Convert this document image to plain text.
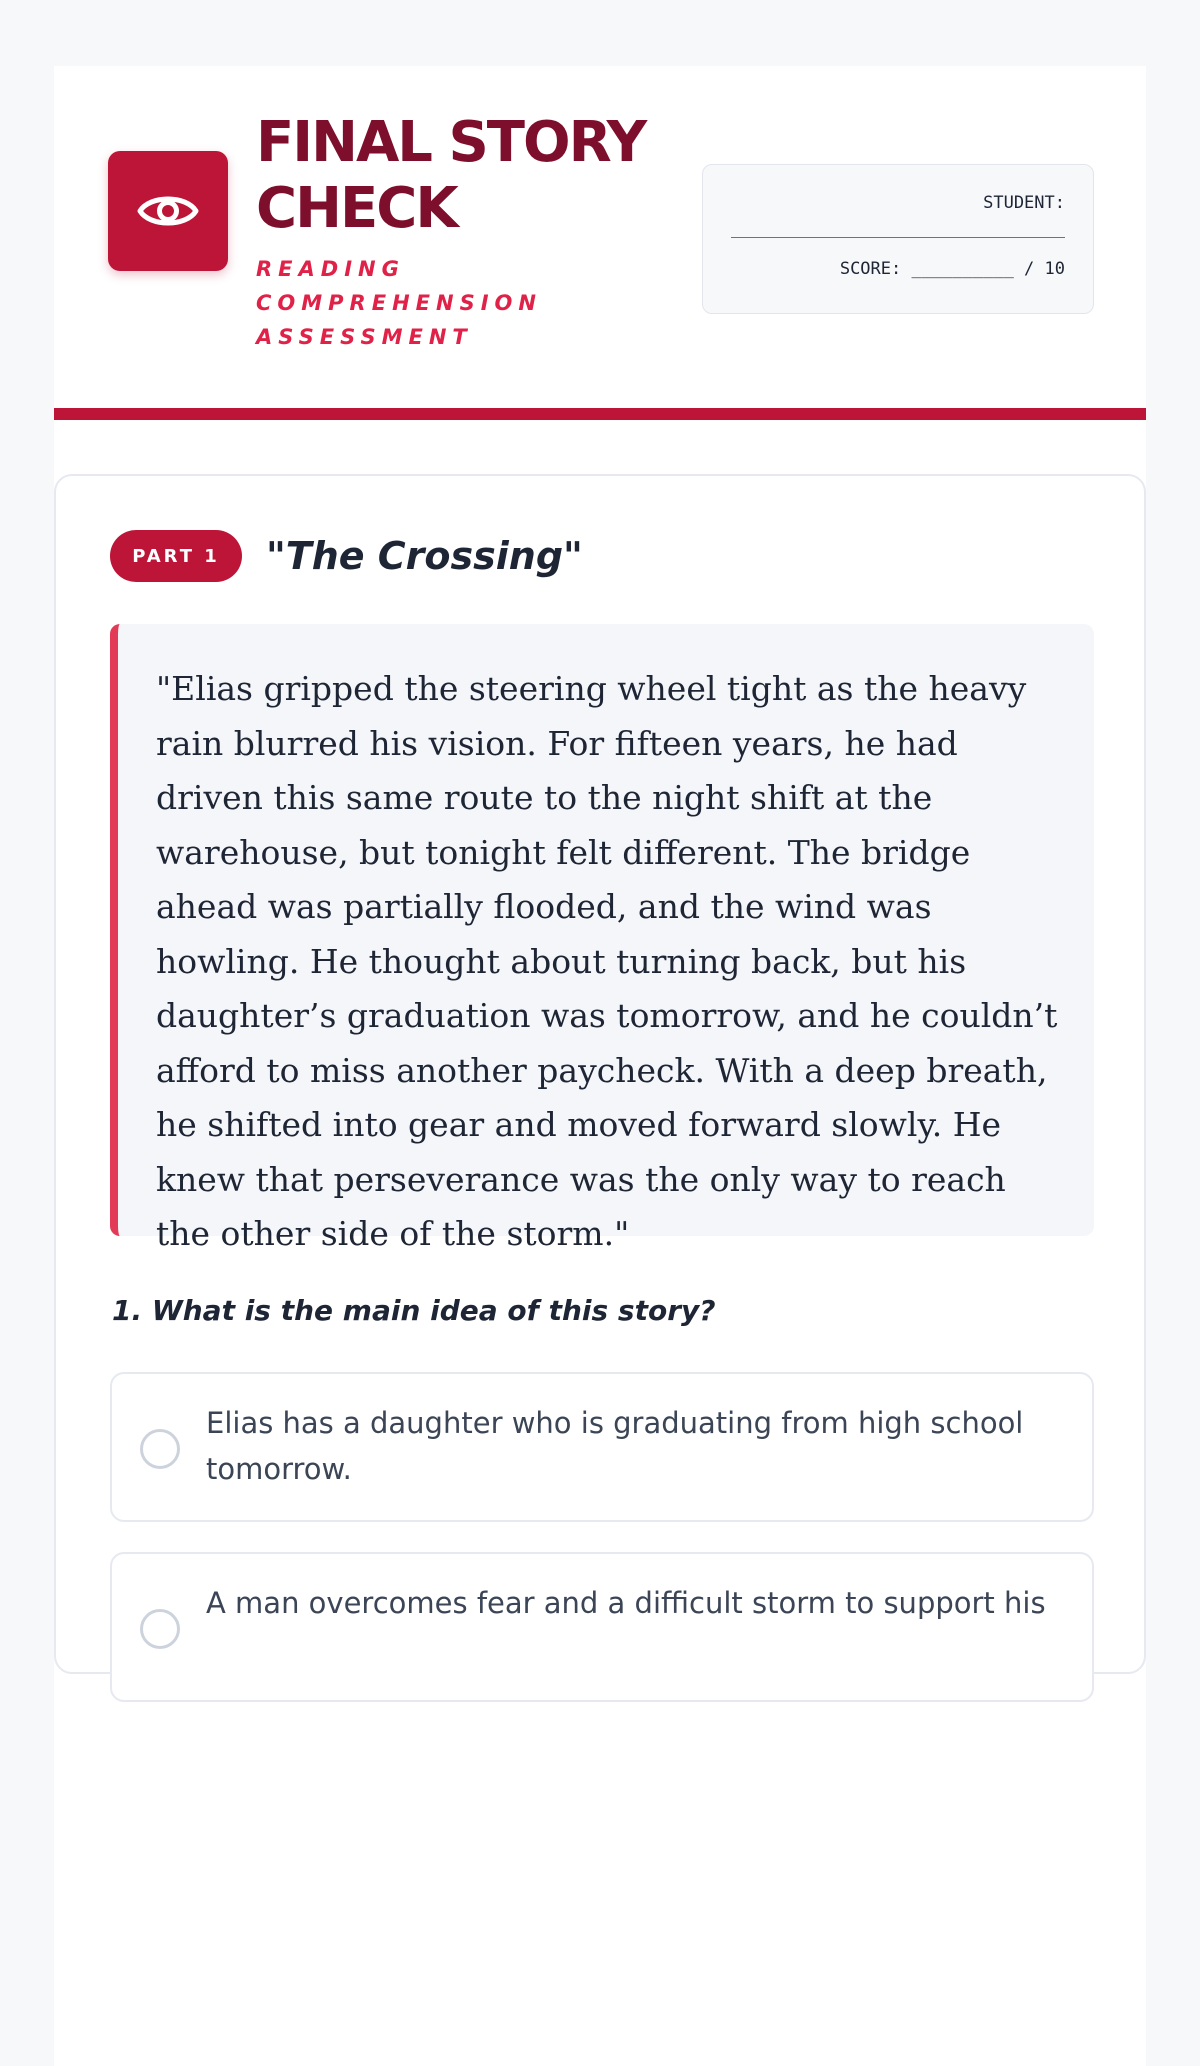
FINAL STORY CHECK
READING COMPREHENSION ASSESSMENT
STUDENT:
SCORE: __________ / 10
PART 1	"The Crossing"
"Elias gripped the steering wheel tight as the heavy rain blurred his vision. For fifteen years, he had driven this same route to the night shift at the warehouse, but tonight felt different. The bridge ahead was partially flooded, and the wind was howling. He thought about turning back, but his daughter’s graduation was tomorrow, and he couldn’t afford to miss another paycheck. With a deep breath, he shifted into gear and moved forward slowly. He knew that perseverance was the only way to reach the other side of the storm."
1. What is the main idea of this story?
Elias has a daughter who is graduating from high school tomorrow.
A man overcomes fear and a difficult storm to support his
